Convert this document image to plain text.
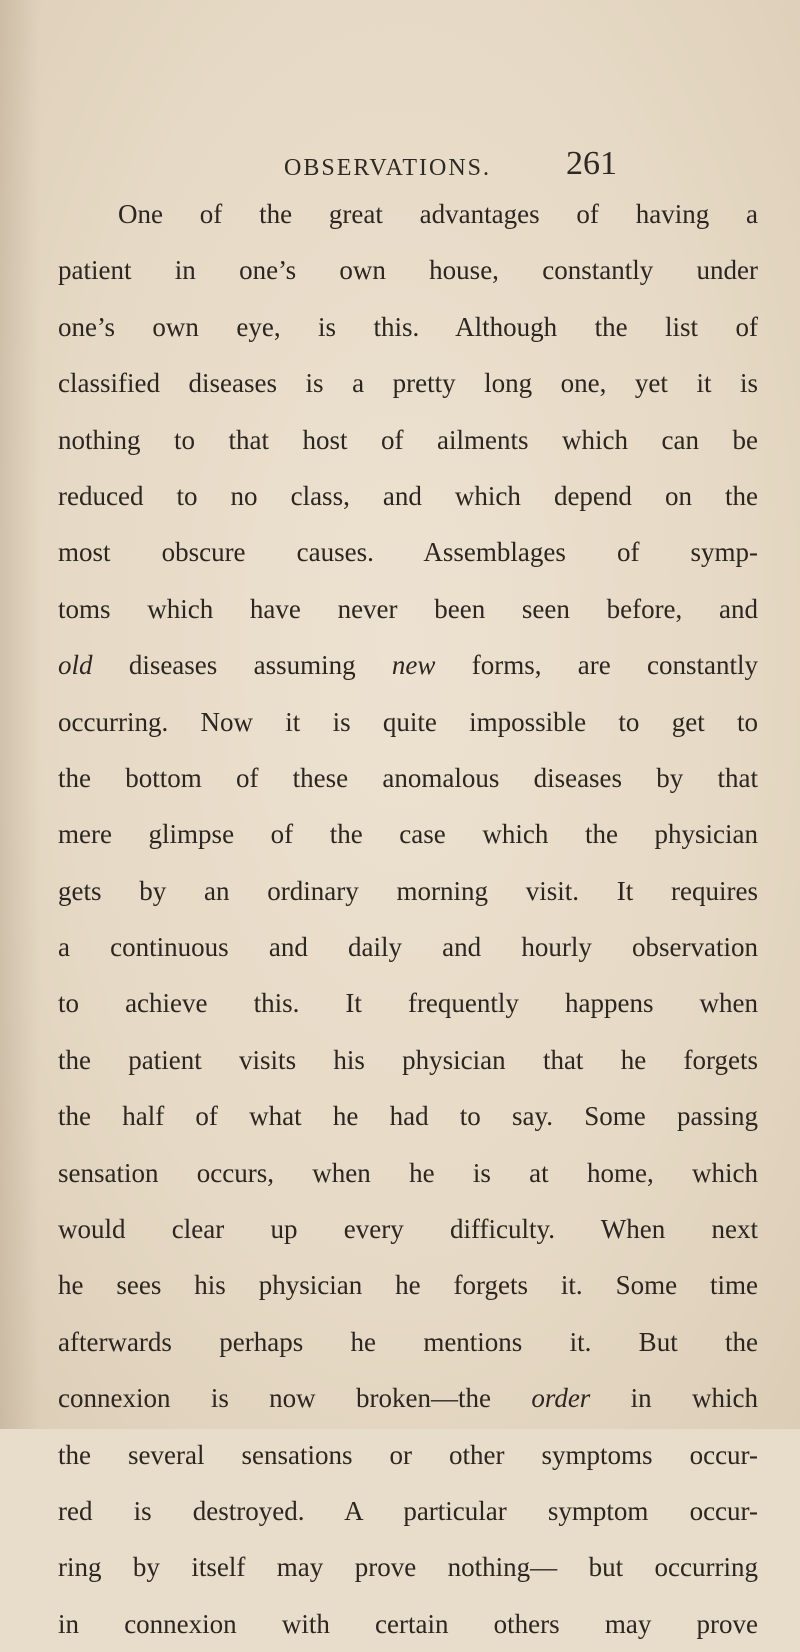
OBSERVATIONS. 261
One of the great advantages of having a
patient in one’s own house, constantly under
one’s own eye, is this. Although the list of
classified diseases is a pretty long one, yet it is
nothing to that host of ailments which can be
reduced to no class, and which depend on the
most obscure causes. Assemblages of symp-
toms which have never been seen before, and
old diseases assuming new forms, are constantly
occurring. Now it is quite impossible to get to
the bottom of these anomalous diseases by that
mere glimpse of the case which the physician
gets by an ordinary morning visit. It requires
a continuous and daily and hourly observation
to achieve this. It frequently happens when
the patient visits his physician that he forgets
the half of what he had to say. Some passing
sensation occurs, when he is at home, which
would clear up every difficulty. When next
he sees his physician he forgets it. Some time
afterwards perhaps he mentions it. But the
connexion is now broken—the order in which
the several sensations or other symptoms occur-
red is destroyed. A particular symptom occur-
ring by itself may prove nothing— but occurring
in connexion with certain others may prove
